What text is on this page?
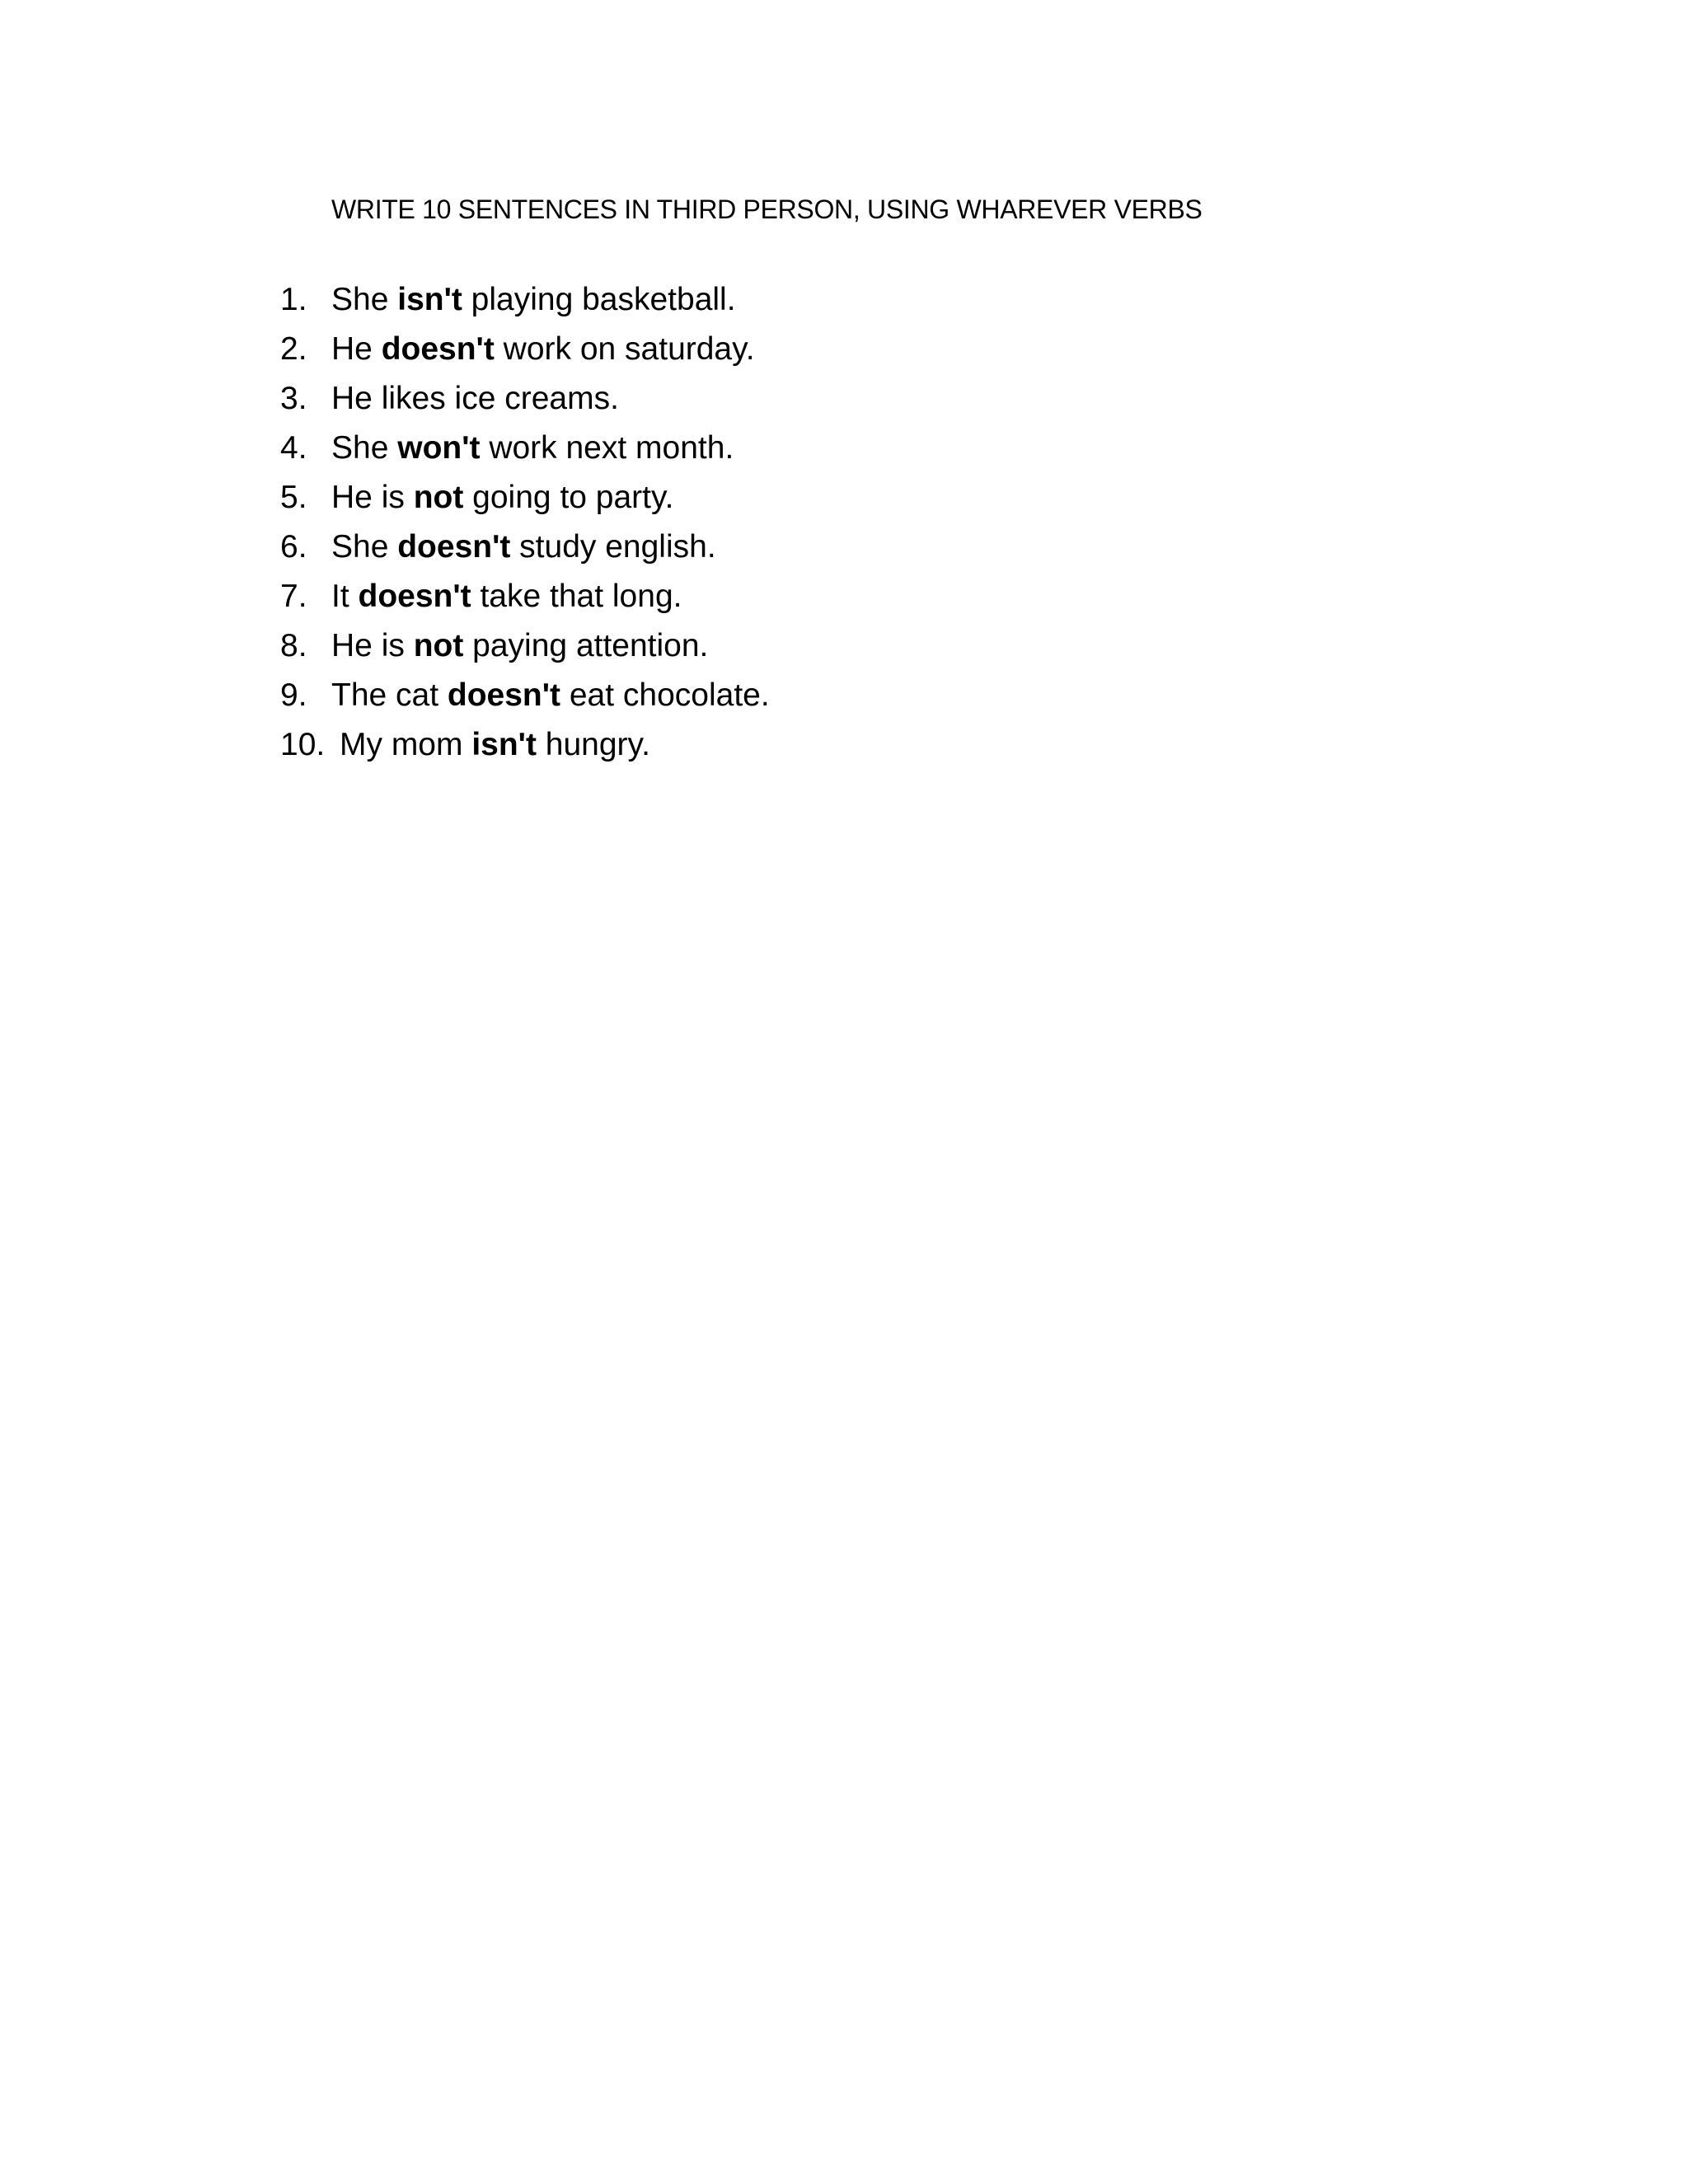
WRITE 10 SENTENCES IN THIRD PERSON, USING WHAREVER VERBS
1. She isn't playing basketball.
2. He doesn't work on saturday.
3. He likes ice creams.
4. She won't work next month.
5. He is not going to party.
6. She doesn't study english.
7. It doesn't take that long.
8. He is not paying attention.
9. The cat doesn't eat chocolate.
10. My mom isn't hungry.
